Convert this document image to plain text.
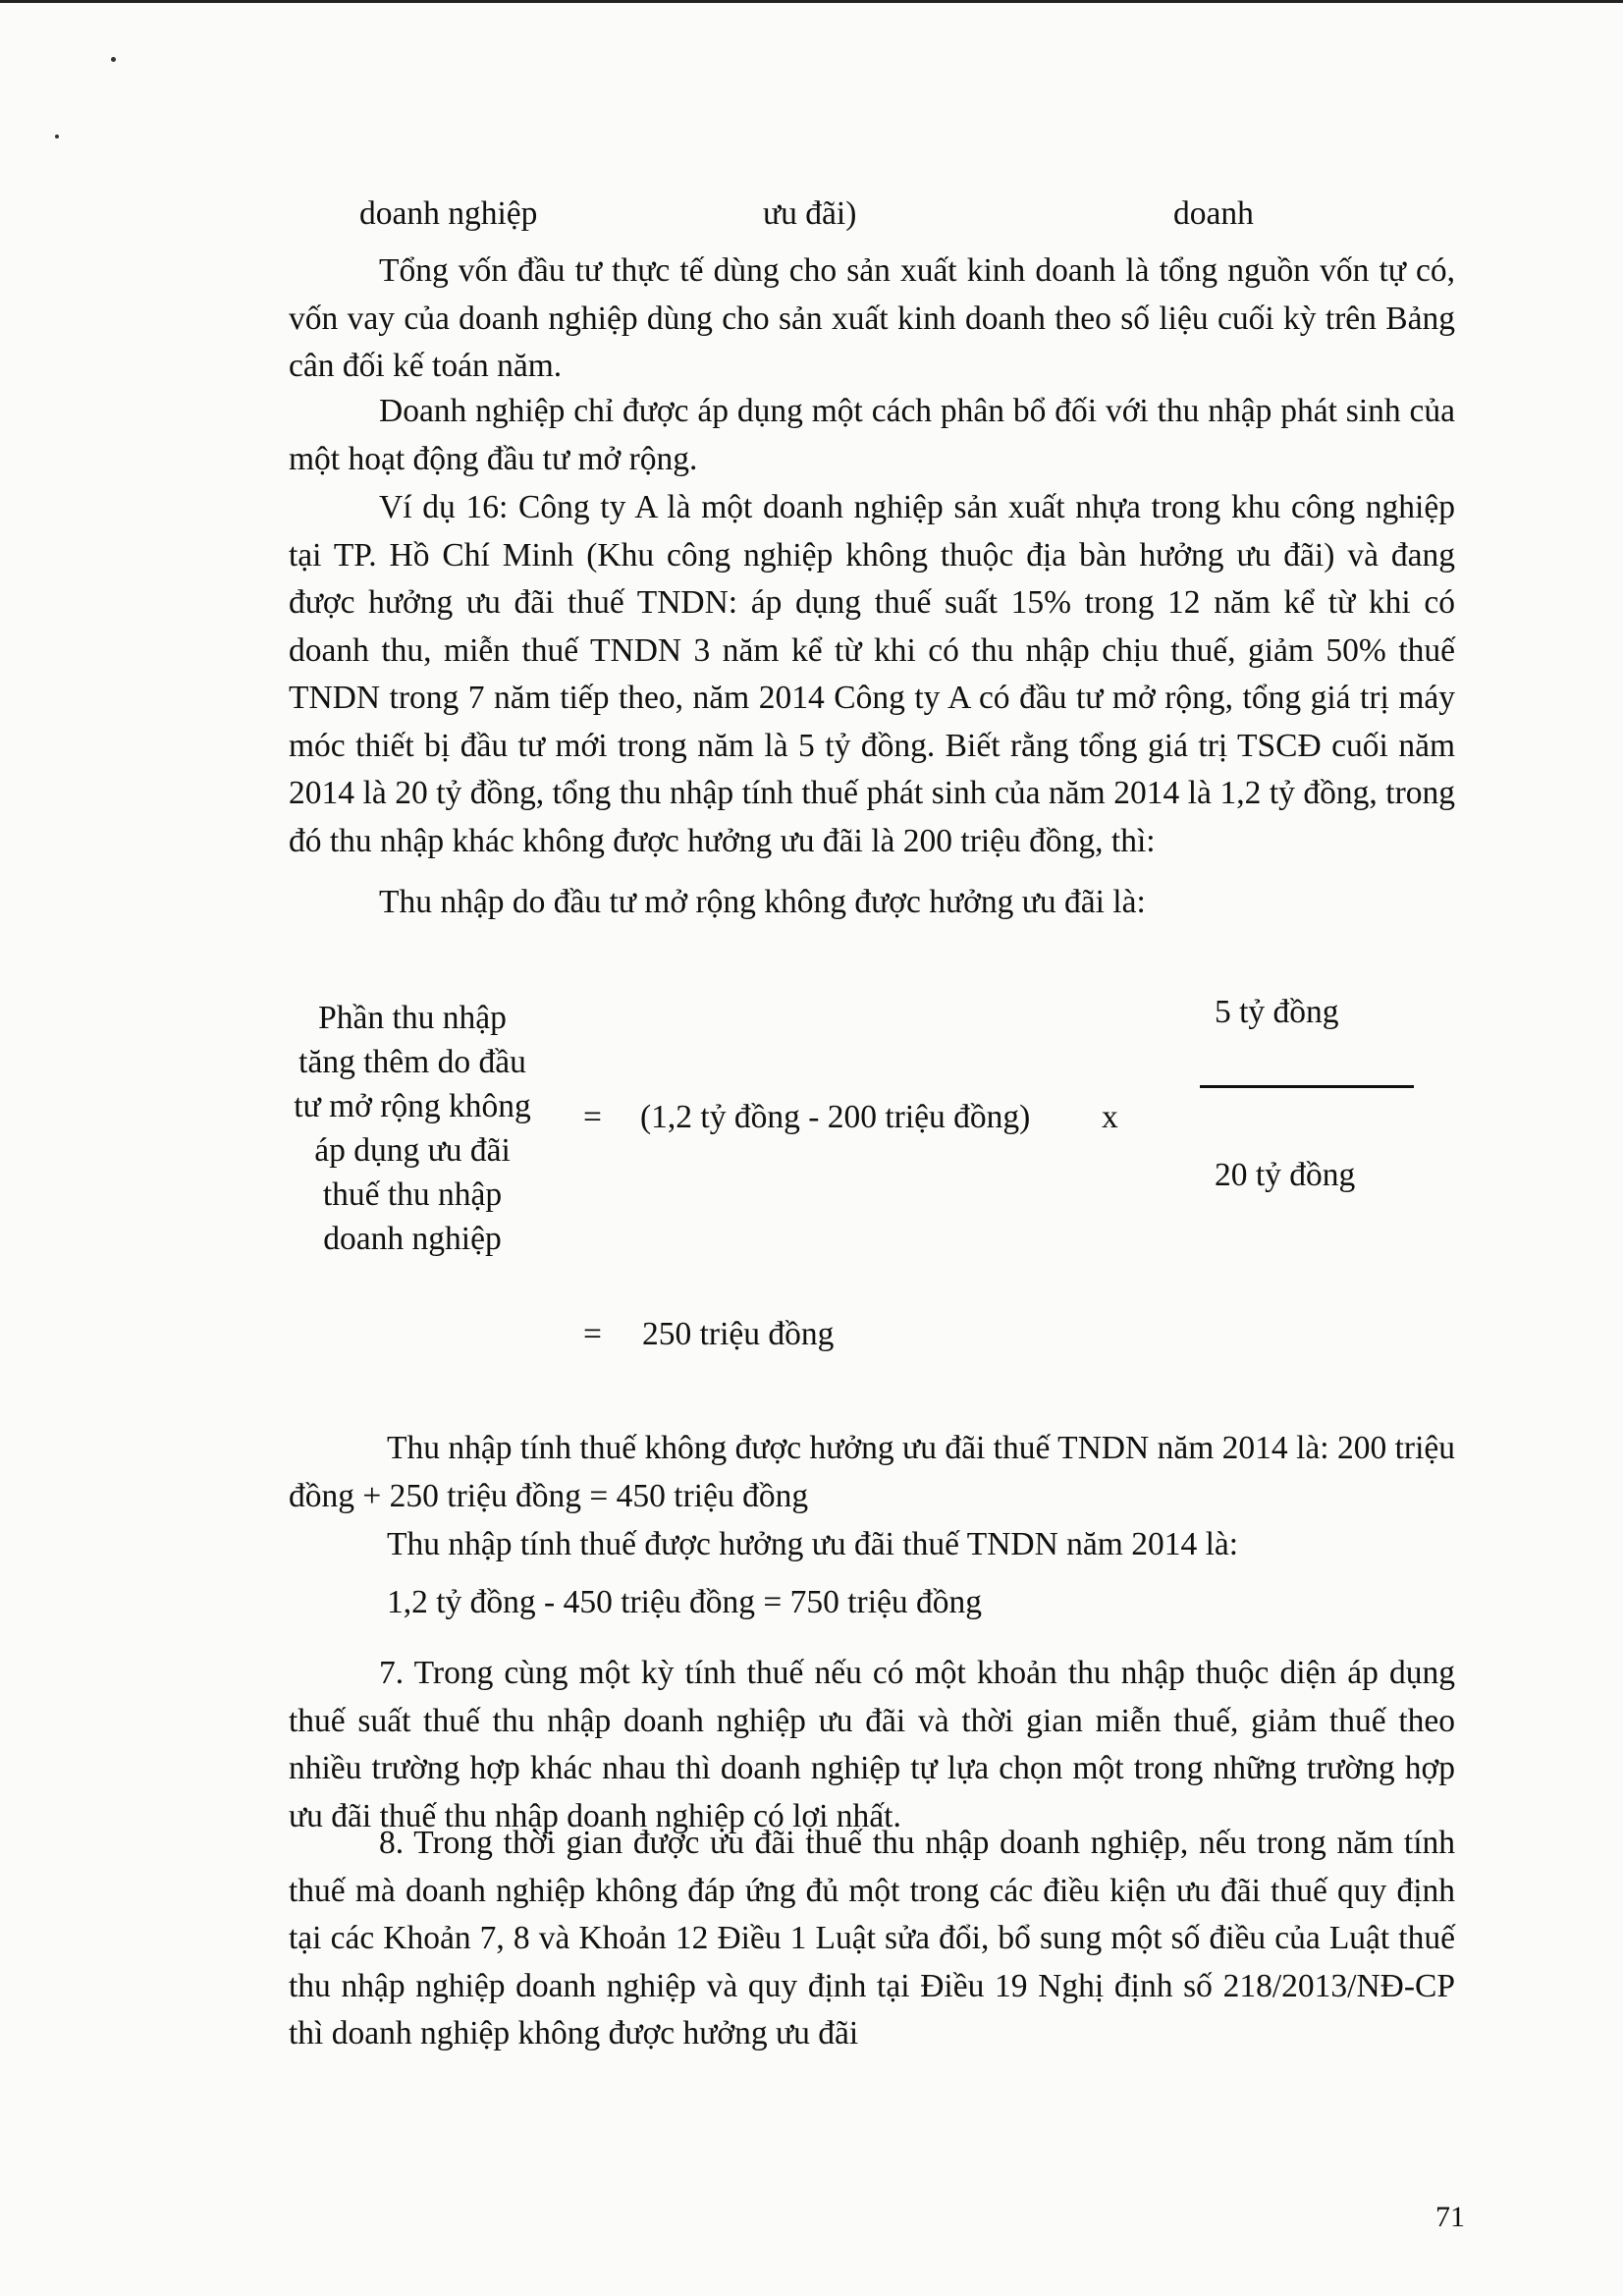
doanh nghiệp	ưu đãi)	doanh

Tổng vốn đầu tư thực tế dùng cho sản xuất kinh doanh là tổng nguồn vốn tự có, vốn vay của doanh nghiệp dùng cho sản xuất kinh doanh theo số liệu cuối kỳ trên Bảng cân đối kế toán năm.

Doanh nghiệp chỉ được áp dụng một cách phân bổ đối với thu nhập phát sinh của một hoạt động đầu tư mở rộng.

Ví dụ 16: Công ty A là một doanh nghiệp sản xuất nhựa trong khu công nghiệp tại TP. Hồ Chí Minh (Khu công nghiệp không thuộc địa bàn hưởng ưu đãi) và đang được hưởng ưu đãi thuế TNDN: áp dụng thuế suất 15% trong 12 năm kể từ khi có doanh thu, miễn thuế TNDN 3 năm kể từ khi có thu nhập chịu thuế, giảm 50% thuế TNDN trong 7 năm tiếp theo, năm 2014 Công ty A có đầu tư mở rộng, tổng giá trị máy móc thiết bị đầu tư mới trong năm là 5 tỷ đồng. Biết rằng tổng giá trị TSCĐ cuối năm 2014 là 20 tỷ đồng, tổng thu nhập tính thuế phát sinh của năm 2014 là 1,2 tỷ đồng, trong đó thu nhập khác không được hưởng ưu đãi là 200 triệu đồng, thì:

Thu nhập do đầu tư mở rộng không được hưởng ưu đãi là:

Phần thu nhập
tăng thêm do đầu
tư mở rộng không
áp dụng ưu đãi
thuế thu nhập
doanh nghiệp
= (1,2 tỷ đồng - 200 triệu đồng) x
5 tỷ đồng
20 tỷ đồng
= 250 triệu đồng

Thu nhập tính thuế không được hưởng ưu đãi thuế TNDN năm 2014 là: 200 triệu đồng + 250 triệu đồng = 450 triệu đồng

Thu nhập tính thuế được hưởng ưu đãi thuế TNDN năm 2014 là:

1,2 tỷ đồng - 450 triệu đồng = 750 triệu đồng

7. Trong cùng một kỳ tính thuế nếu có một khoản thu nhập thuộc diện áp dụng thuế suất thuế thu nhập doanh nghiệp ưu đãi và thời gian miễn thuế, giảm thuế theo nhiều trường hợp khác nhau thì doanh nghiệp tự lựa chọn một trong những trường hợp ưu đãi thuế thu nhập doanh nghiệp có lợi nhất.

8. Trong thời gian được ưu đãi thuế thu nhập doanh nghiệp, nếu trong năm tính thuế mà doanh nghiệp không đáp ứng đủ một trong các điều kiện ưu đãi thuế quy định tại các Khoản 7, 8 và Khoản 12 Điều 1 Luật sửa đổi, bổ sung một số điều của Luật thuế thu nhập nghiệp doanh nghiệp và quy định tại Điều 19 Nghị định số 218/2013/NĐ-CP thì doanh nghiệp không được hưởng ưu đãi

71
